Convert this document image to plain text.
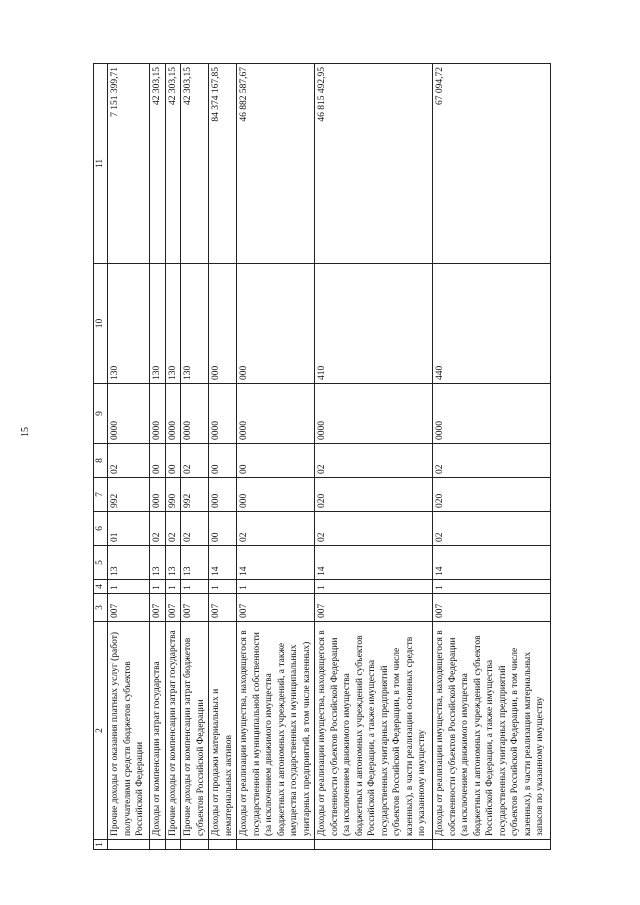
15
1	2	3	4	5	6	7	8	9	10	11
	Прочие доходы от оказания платных услуг (работ) получателями средств бюджетов субъектов Российской Федерации	007	1	13	01	992	02	0000	130	7 151 399,71
	Доходы от компенсации затрат государства	007	1	13	02	000	00	0000	130	42 303,15
	Прочие доходы от компенсации затрат государства	007	1	13	02	990	00	0000	130	42 303,15
	Прочие доходы от компенсации затрат бюджетов субъектов Российской Федерации	007	1	13	02	992	02	0000	130	42 303,15
	Доходы от продажи материальных и нематериальных активов	007	1	14	00	000	00	0000	000	84 374 167,85
	Доходы от реализации имущества, находящегося в государственной и муниципальной собственности (за исключением движимого имущества бюджетных и автономных учреждений, а также имущества государственных и муниципальных унитарных предприятий, в том числе казенных)	007	1	14	02	000	00	0000	000	46 882 587,67
	Доходы от реализации имущества, находящегося в собственности субъектов Российской Федерации (за исключением движимого имущества бюджетных и автономных учреждений субъектов Российской Федерации, а также имущества государственных унитарных предприятий субъектов Российской Федерации, в том числе казенных), в части реализации основных средств по указанному имуществу	007	1	14	02	020	02	0000	410	46 815 492,95
	Доходы от реализации имущества, находящегося в собственности субъектов Российской Федерации (за исключением движимого имущества бюджетных и автономных учреждений субъектов Российской Федерации, а также имущества государственных унитарных предприятий субъектов Российской Федерации, в том числе казенных), в части реализации материальных запасов по указанному имуществу	007	1	14	02	020	02	0000	440	67 094,72
